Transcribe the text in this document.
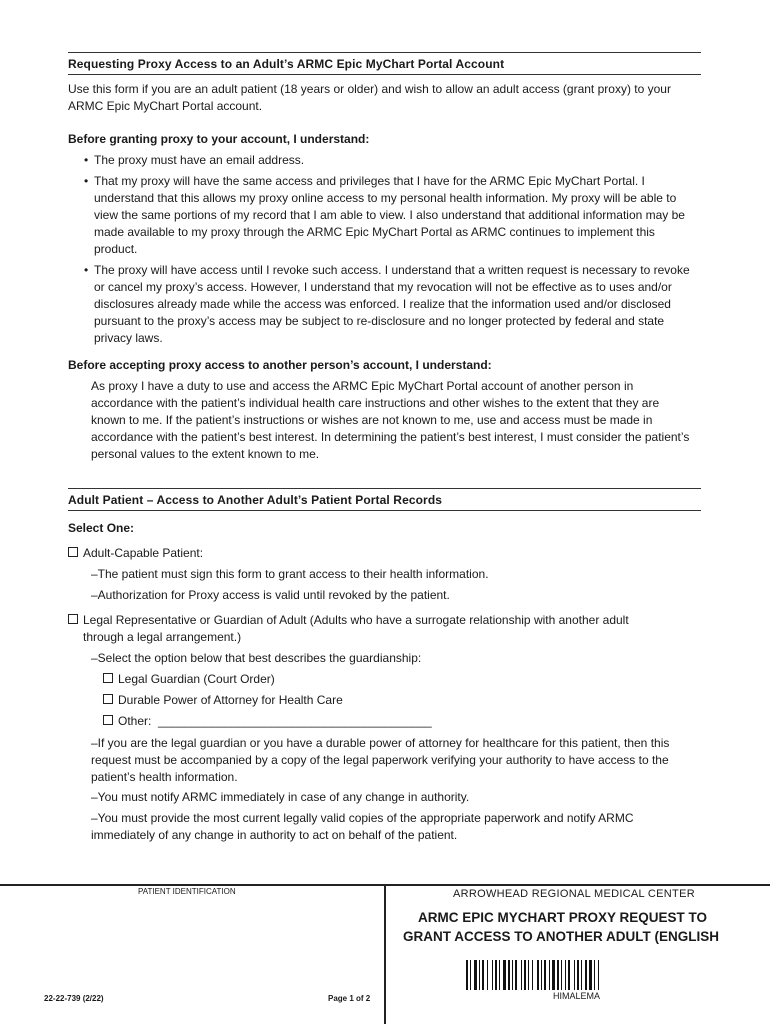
Requesting Proxy Access to an Adult’s ARMC Epic MyChart Portal Account
Use this form if you are an adult patient (18 years or older) and wish to allow an adult access (grant proxy) to your ARMC Epic MyChart Portal account.
Before granting proxy to your account, I understand:
• The proxy must have an email address.
• That my proxy will have the same access and privileges that I have for the ARMC Epic MyChart Portal. I understand that this allows my proxy online access to my personal health information. My proxy will be able to view the same portions of my record that I am able to view. I also understand that additional information may be made available to my proxy through the ARMC Epic MyChart Portal as ARMC continues to implement this product.
• The proxy will have access until I revoke such access. I understand that a written request is necessary to revoke or cancel my proxy’s access. However, I understand that my revocation will not be effective as to uses and/or disclosures already made while the access was enforced. I realize that the information used and/or disclosed pursuant to the proxy’s access may be subject to re-disclosure and no longer protected by federal and state privacy laws.
Before accepting proxy access to another person’s account, I understand:
As proxy I have a duty to use and access the ARMC Epic MyChart Portal account of another person in accordance with the patient’s individual health care instructions and other wishes to the extent that they are known to me. If the patient’s instructions or wishes are not known to me, use and access must be made in accordance with the patient’s best interest. In determining the patient’s best interest, I must consider the patient’s personal values to the extent known to me.
Adult Patient – Access to Another Adult’s Patient Portal Records
Select One:
Adult-Capable Patient:
–The patient must sign this form to grant access to their health information.
–Authorization for Proxy access is valid until revoked by the patient.
Legal Representative or Guardian of Adult (Adults who have a surrogate relationship with another adult
through a legal arrangement.)
–Select the option below that best describes the guardianship:
Legal Guardian (Court Order)
Durable Power of Attorney for Health Care
Other: _________________________________________
–If you are the legal guardian or you have a durable power of attorney for healthcare for this patient, then this request must be accompanied by a copy of the legal paperwork verifying your authority to have access to the patient’s health information.
–You must notify ARMC immediately in case of any change in authority.
–You must provide the most current legally valid copies of the appropriate paperwork and notify ARMC immediately of any change in authority to act on behalf of the patient.
PATIENT IDENTIFICATION
22-22-739 (2/22)	Page 1 of 2
ARROWHEAD REGIONAL MEDICAL CENTER
ARMC EPIC MYCHART PROXY REQUEST TO
GRANT ACCESS TO ANOTHER ADULT (ENGLISH
HIMALEMA
